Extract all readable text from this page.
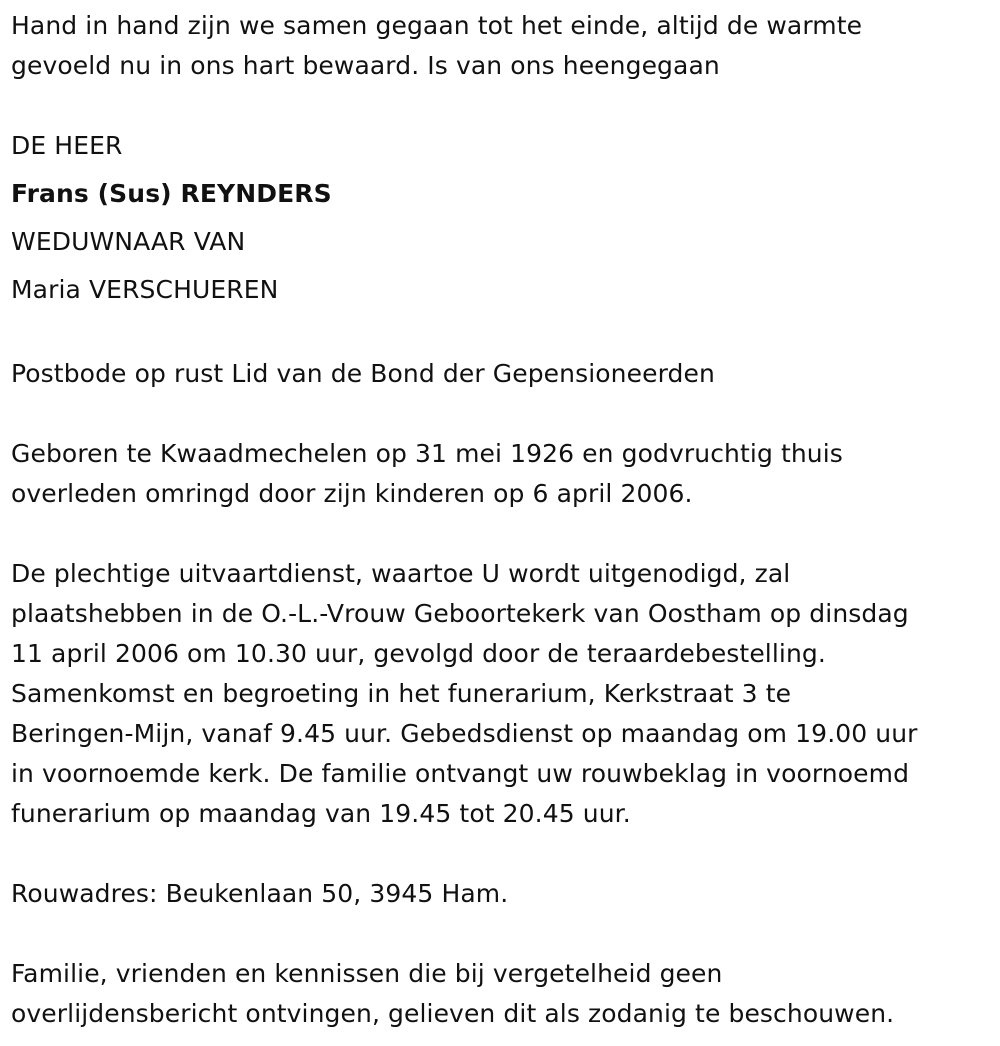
Hand in hand zijn we samen gegaan tot het einde, altijd de warmte
gevoeld nu in ons hart bewaard. Is van ons heengegaan
DE HEER
Frans (Sus) REYNDERS
WEDUWNAAR VAN
Maria VERSCHUEREN
Postbode op rust Lid van de Bond der Gepensioneerden
Geboren te Kwaadmechelen op 31 mei 1926 en godvruchtig thuis
overleden omringd door zijn kinderen op 6 april 2006.
De plechtige uitvaartdienst, waartoe U wordt uitgenodigd, zal
plaatshebben in de O.-L.-Vrouw Geboortekerk van Oostham op dinsdag
11 april 2006 om 10.30 uur, gevolgd door de teraardebestelling.
Samenkomst en begroeting in het funerarium, Kerkstraat 3 te
Beringen-Mijn, vanaf 9.45 uur. Gebedsdienst op maandag om 19.00 uur
in voornoemde kerk. De familie ontvangt uw rouwbeklag in voornoemd
funerarium op maandag van 19.45 tot 20.45 uur.
Rouwadres: Beukenlaan 50, 3945 Ham.
Familie, vrienden en kennissen die bij vergetelheid geen
overlijdensbericht ontvingen, gelieven dit als zodanig te beschouwen.
